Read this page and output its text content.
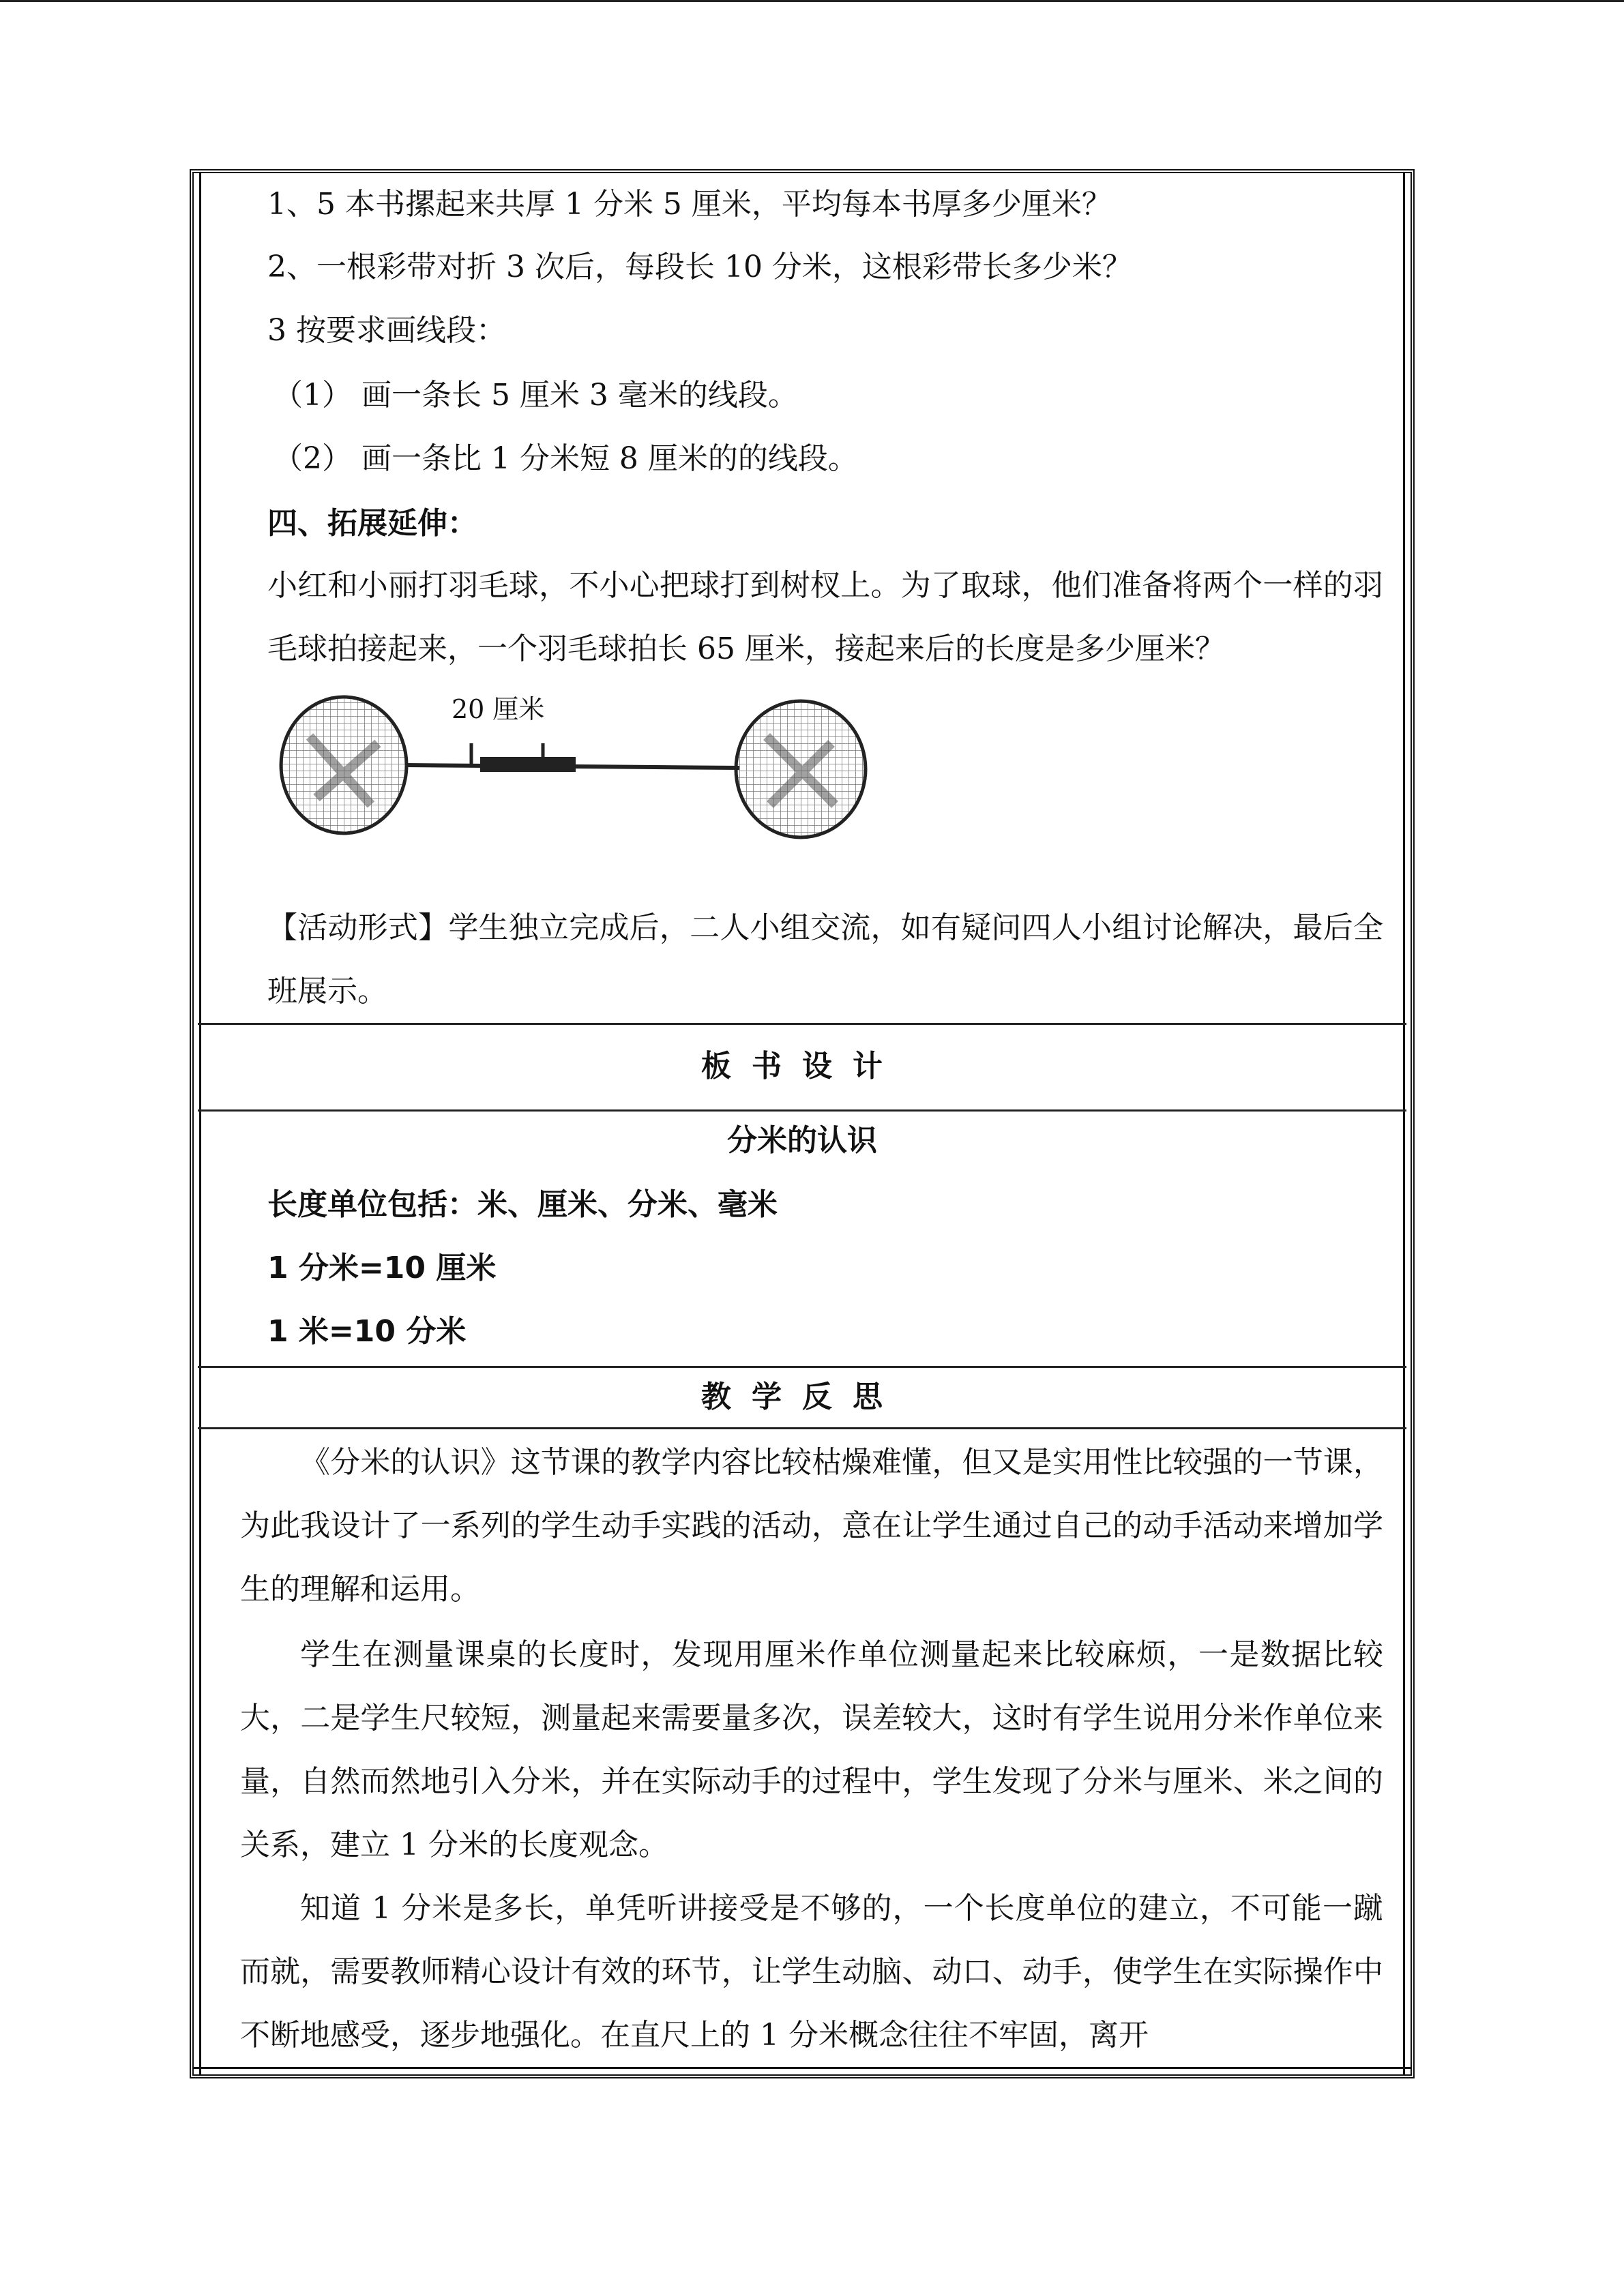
1、5 本书摞起来共厚 1 分米 5 厘米，平均每本书厚多少厘米？
2、一根彩带对折 3 次后，每段长 10 分米，这根彩带长多少米？
3 按要求画线段：
（1） 画一条长 5 厘米 3 毫米的线段。
（2） 画一条比 1 分米短 8 厘米的的线段。
四、拓展延伸：
小红和小丽打羽毛球，不小心把球打到树杈上。为了取球，他们准备将两个一样的羽毛球拍接起来，一个羽毛球拍长 65 厘米，接起来后的长度是多少厘米？
20 厘米
【活动形式】学生独立完成后，二人小组交流，如有疑问四人小组讨论解决，最后全班展示。
板书设计
分米的认识
长度单位包括：米、厘米、分米、毫米
1 分米=10 厘米
1 米=10 分米
教学反思
《分米的认识》这节课的教学内容比较枯燥难懂，但又是实用性比较强的一节课，为此我设计了一系列的学生动手实践的活动，意在让学生通过自己的动手活动来增加学生的理解和运用。
学生在测量课桌的长度时，发现用厘米作单位测量起来比较麻烦，一是数据比较大，二是学生尺较短，测量起来需要量多次，误差较大，这时有学生说用分米作单位来量，自然而然地引入分米，并在实际动手的过程中，学生发现了分米与厘米、米之间的关系，建立 1 分米的长度观念。
知道 1 分米是多长，单凭听讲接受是不够的，一个长度单位的建立，不可能一蹴而就，需要教师精心设计有效的环节，让学生动脑、动口、动手，使学生在实际操作中不断地感受，逐步地强化。在直尺上的 1 分米概念往往不牢固，离开
